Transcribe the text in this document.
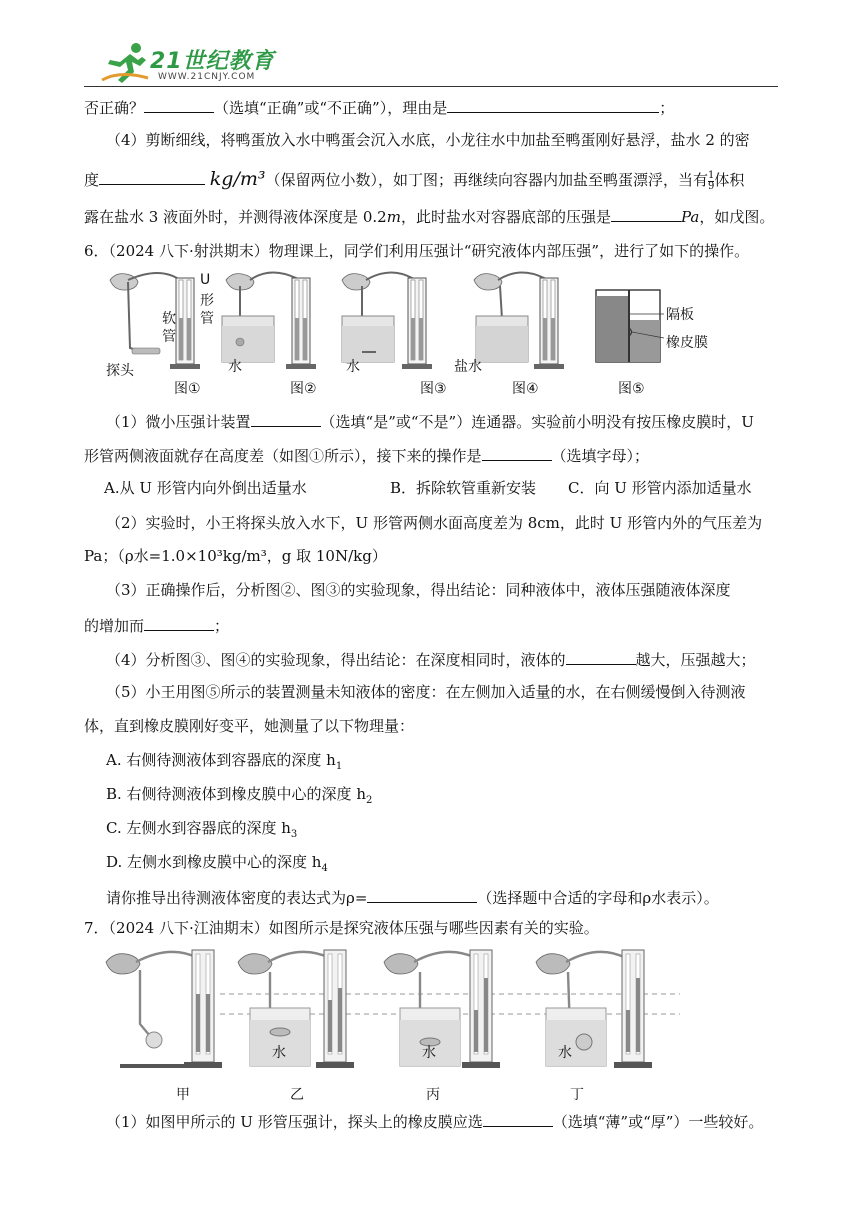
21世纪教育
WWW.21CNJY.COM
否正确？	（选填“正确”或“不正确”），理由是	；
（4）剪断细线，将鸭蛋放入水中鸭蛋会沉入水底，小龙往水中加盐至鸭蛋刚好悬浮，盐水 2 的密
度	kg/m³（保留两位小数），如丁图；再继续向容器内加盐至鸭蛋漂浮，当有 $\frac{1}{9}$ 体积
露在盐水 3 液面外时，并测得液体深度是 0.2m，此时盐水对容器底部的压强是	Pa，如戊图。
6．（2024 八下·射洪期末）物理课上，同学们利用压强计“研究液体内部压强”，进行了如下的操作。
U
形
管
软
管
探头	水	水	盐水
隔板
橡皮膜
图①	图②	图③	图④	图⑤
（1）微小压强计装置	（选填“是”或“不是”）连通器。实验前小明没有按压橡皮膜时，U
形管两侧液面就存在高度差（如图①所示），接下来的操作是	（选填字母）；
A.从 U 形管内向外倒出适量水	B．拆除软管重新安装 C．向 U 形管内添加适量水
（2）实验时，小王将探头放入水下，U 形管两侧水面高度差为 8cm，此时 U 形管内外的气压差为
Pa；（ρ水=1.0×10³kg/m³，g 取 10N/kg）
（3）正确操作后，分析图②、图③的实验现象，得出结论：同种液体中，液体压强随液体深度
的增加而	；
（4）分析图③、图④的实验现象，得出结论：在深度相同时，液体的	越大，压强越大；
（5）小王用图⑤所示的装置测量未知液体的密度：在左侧加入适量的水，在右侧缓慢倒入待测液
体，直到橡皮膜刚好变平，她测量了以下物理量：
A. 右侧待测液体到容器底的深度 $h_1$
B. 右侧待测液体到橡皮膜中心的深度 $h_2$
C. 左侧水到容器底的深度 $h_3$
D. 左侧水到橡皮膜中心的深度 $h_4$
请你推导出待测液体密度的表达式为ρ=	（选择题中合适的字母和ρ水表示）。
7．（2024 八下·江油期末）如图所示是探究液体压强与哪些因素有关的实验。
水	水	水
甲	乙	丙	丁
（1）如图甲所示的 U 形管压强计，探头上的橡皮膜应选	（选填“薄”或“厚”）一些较好。
